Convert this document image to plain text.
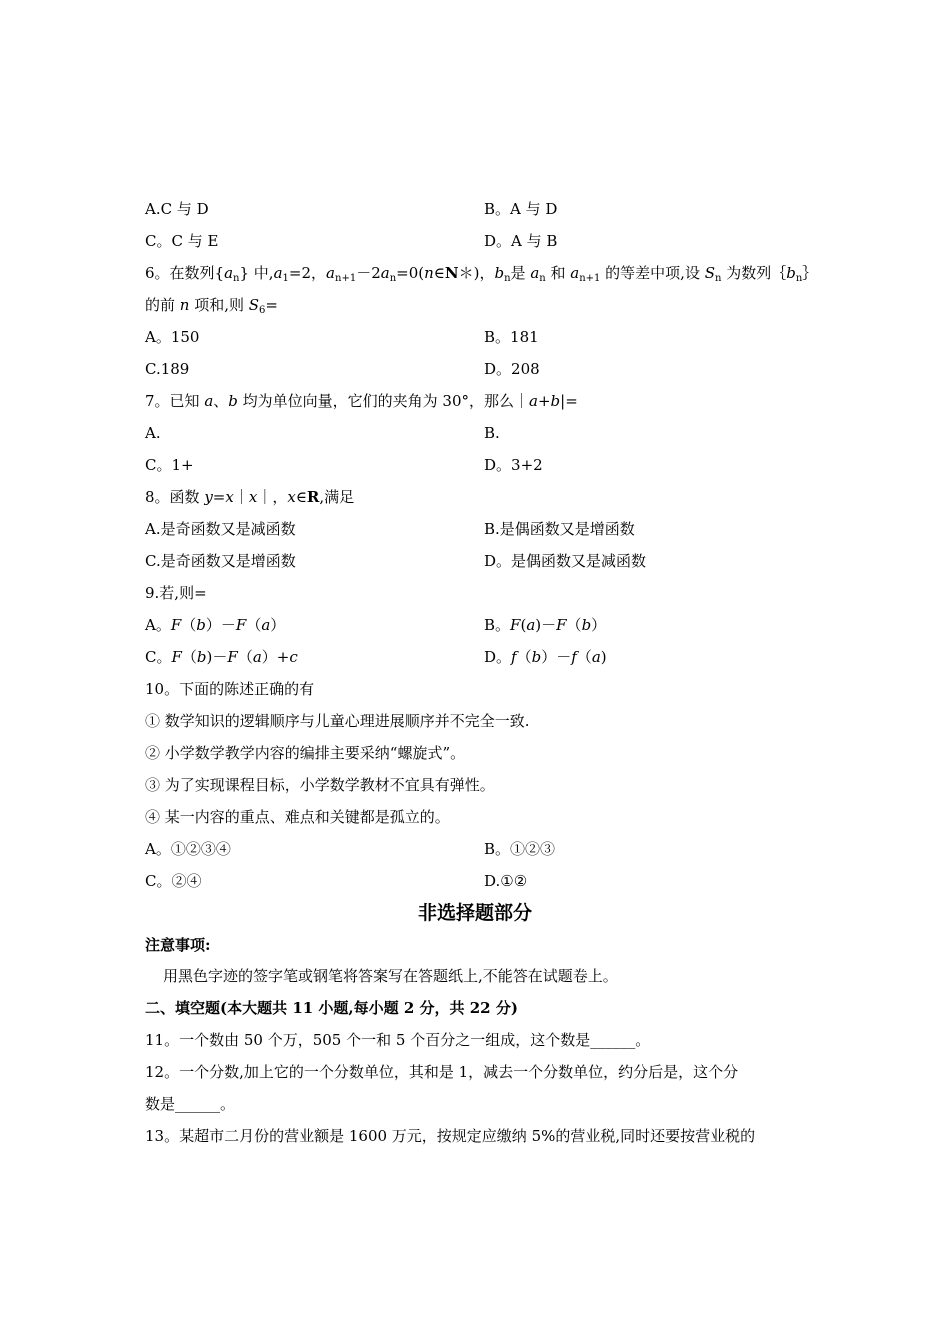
A.C 与 D	B。A 与 D
C。C 与 E	D。A 与 B
6。在数列$\{a_n\}$ 中$,a_1=2$，$a_{n+1}-2a_n=0(n\in N*)$，$b_n$是 $a_n$ 和 $a_{n+1}$ 的等差中项,设 $S_n$ 为数列$\{b_n\}$
的前 n 项和,则 $S_6=$
A。150	B。181
C.189	D。208
7。已知 a、b 均为单位向量，它们的夹角为 30°，那么｜a+b|=
A.	B.
C。1+	D。3+2
8。函数 y=x｜x｜，x∈R,满足
A.是奇函数又是减函数	B.是偶函数又是增函数
C.是奇函数又是增函数	D。是偶函数又是减函数
9.若,则=
A。F（b）－F（a）	B。F(a)－F（b）
C。F（b)－F（a）+c	D。f（b）－f（a)
10。下面的陈述正确的有
① 数学知识的逻辑顺序与儿童心理进展顺序并不完全一致.
② 小学数学教学内容的编排主要采纳“螺旋式”。
③ 为了实现课程目标，小学数学教材不宜具有弹性。
④ 某一内容的重点、难点和关键都是孤立的。
A。①②③④	B。①②③
C。②④	D.①②
非选择题部分
注意事项:
用黑色字迹的签字笔或钢笔将答案写在答题纸上,不能答在试题卷上。
二、填空题(本大题共 11 小题,每小题 2 分，共 22 分)
11。一个数由 50 个万，505 个一和 5 个百分之一组成，这个数是______。
12。一个分数,加上它的一个分数单位，其和是 1，减去一个分数单位，约分后是，这个分
数是______。
13。某超市二月份的营业额是 1600 万元，按规定应缴纳 5%的营业税,同时还要按营业税的
